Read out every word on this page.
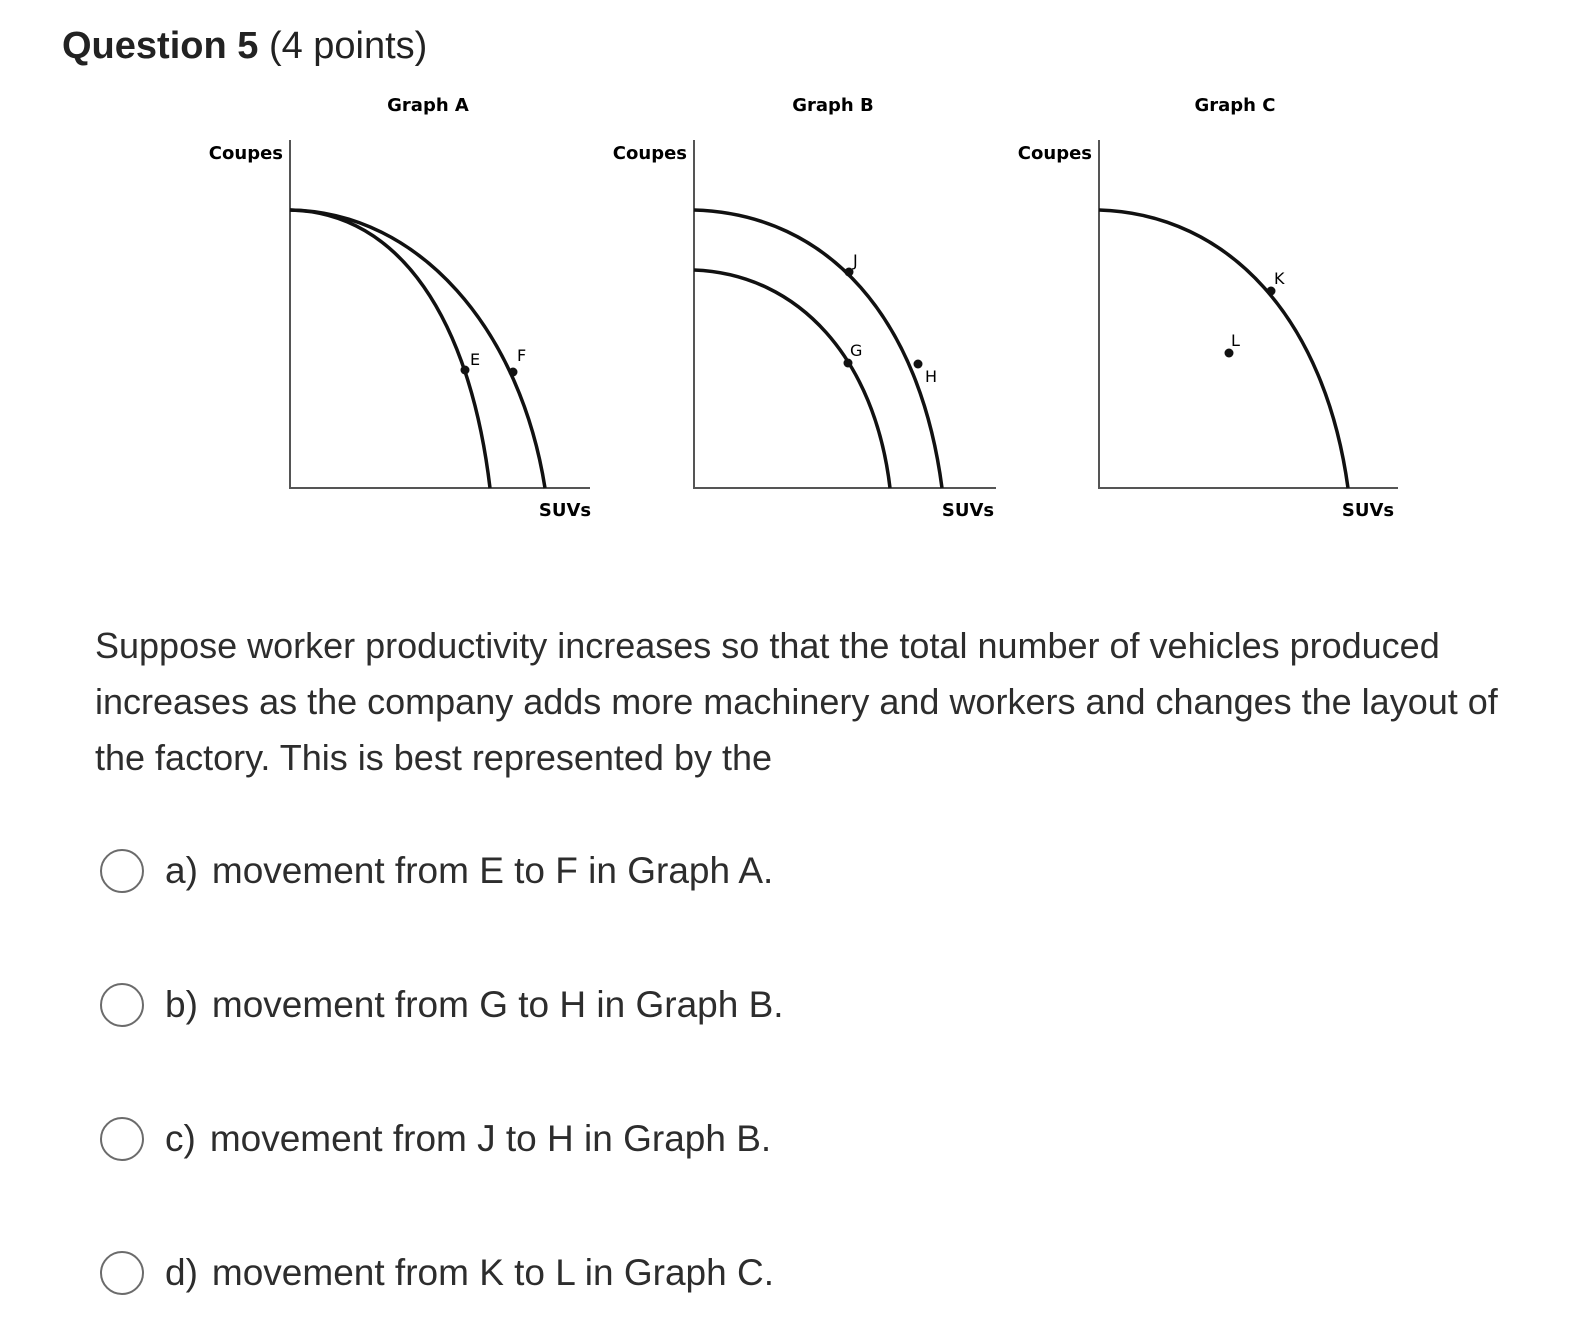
Question 5 (4 points)
Graph A
Coupes
SUVs
E F
Graph B
Coupes
SUVs
J
G
H
Graph C
Coupes
SUVs
K
L

Suppose worker productivity increases so that the total number of vehicles produced increases as the company adds more machinery and workers and changes the layout of the factory. This is best represented by the

a) movement from E to F in Graph A.
b) movement from G to H in Graph B.
c) movement from J to H in Graph B.
d) movement from K to L in Graph C.
